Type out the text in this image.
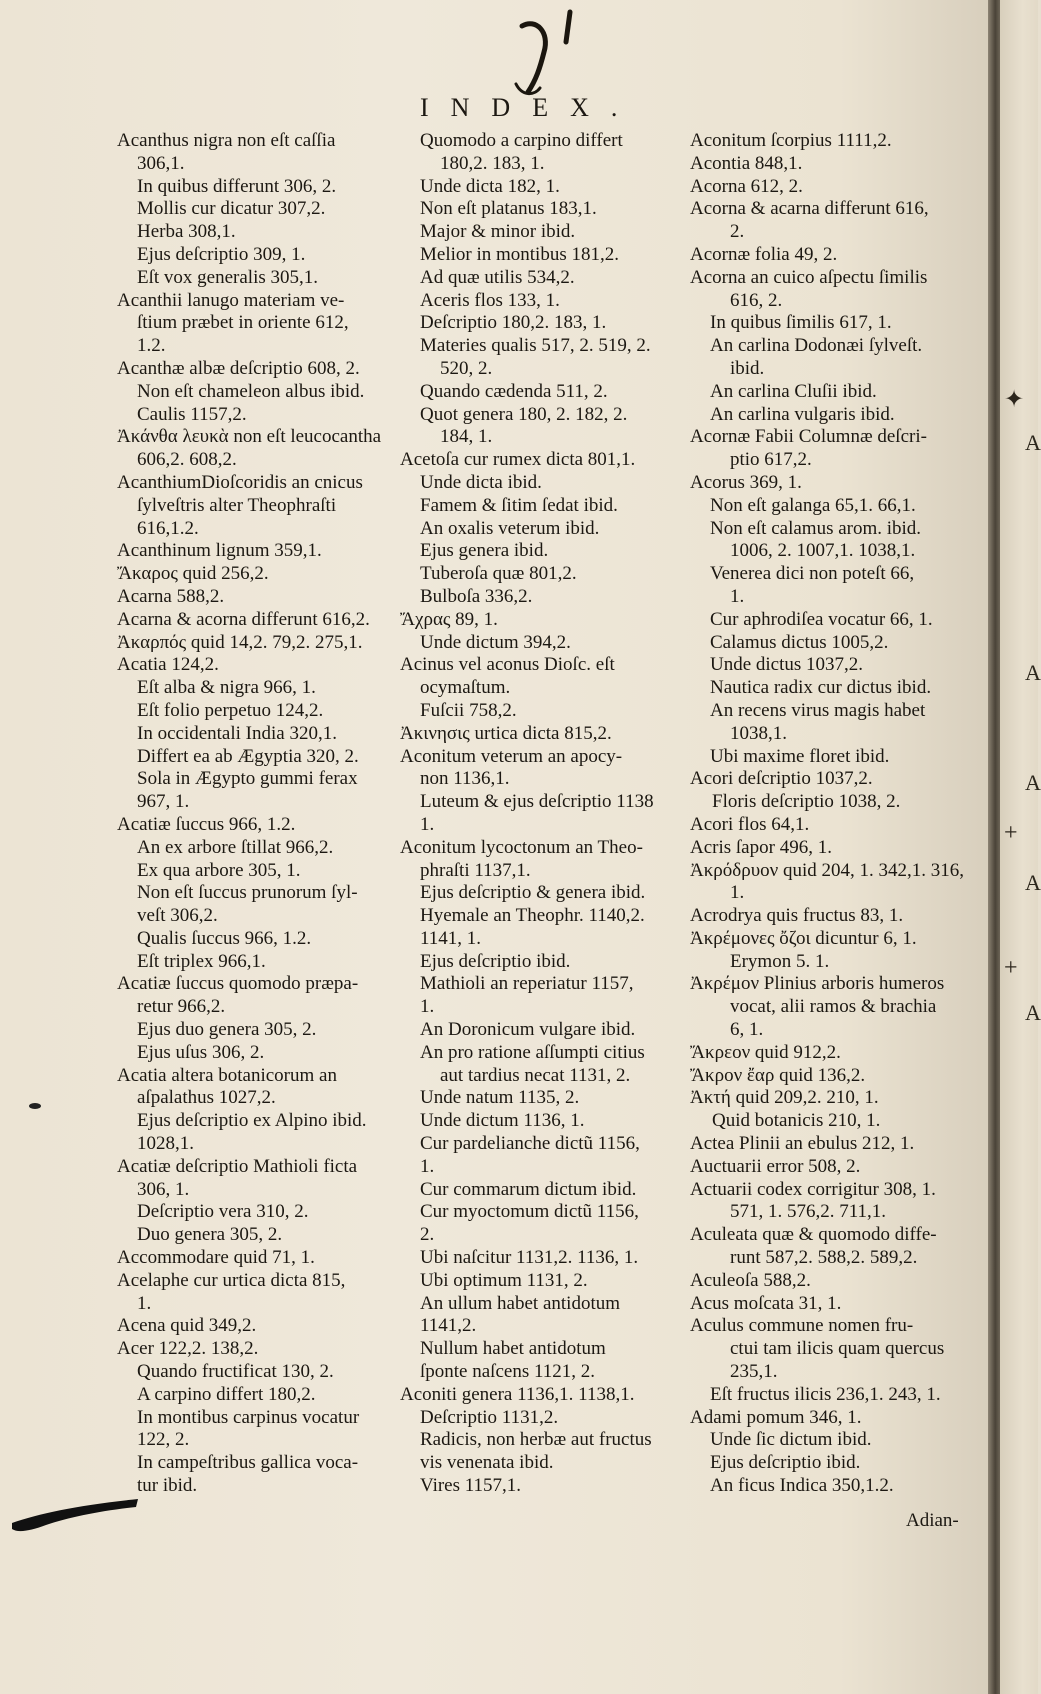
INDEX.
Acanthus nigra non eſt caſſia
306,1.
In quibus differunt 306, 2.
Mollis cur dicatur 307,2.
Herba 308,1.
Ejus deſcriptio 309, 1.
Eſt vox generalis 305,1.
Acanthii lanugo materiam ve-
ſtium præbet in oriente 612,
1.2.
Acanthæ albæ deſcriptio 608, 2.
Non eſt chameleon albus ibid.
Caulis 1157,2.
Ἀκάνθα λευκὰ non eſt leucocantha
606,2. 608,2.
AcanthiumDioſcoridis an cnicus
ſylveſtris alter Theophraſti
616,1.2.
Acanthinum lignum 359,1.
Ἄκαρος quid 256,2.
Acarna 588,2.
Acarna & acorna differunt 616,2.
Ἀκαρπός quid 14,2. 79,2. 275,1.
Acatia 124,2.
Eſt alba & nigra 966, 1.
Eſt folio perpetuo 124,2.
In occidentali India 320,1.
Differt ea ab Ægyptia 320, 2.
Sola in Ægypto gummi ferax
967, 1.
Acatiæ ſuccus 966, 1.2.
An ex arbore ſtillat 966,2.
Ex qua arbore 305, 1.
Non eſt ſuccus prunorum ſyl-
veſt 306,2.
Qualis ſuccus 966, 1.2.
Eſt triplex 966,1.
Acatiæ ſuccus quomodo præpa-
retur 966,2.
Ejus duo genera 305, 2.
Ejus uſus 306, 2.
Acatia altera botanicorum an
aſpalathus 1027,2.
Ejus deſcriptio ex Alpino ibid.
1028,1.
Acatiæ deſcriptio Mathioli ficta
306, 1.
Deſcriptio vera 310, 2.
Duo genera 305, 2.
Accommodare quid 71, 1.
Acelaphe cur urtica dicta 815,
1.
Acena quid 349,2.
Acer 122,2. 138,2.
Quando fructificat 130, 2.
A carpino differt 180,2.
In montibus carpinus vocatur
122, 2.
In campeſtribus gallica voca-
tur ibid.
Quomodo a carpino differt
180,2. 183, 1.
Unde dicta 182, 1.
Non eſt platanus 183,1.
Major & minor ibid.
Melior in montibus 181,2.
Ad quæ utilis 534,2.
Aceris flos 133, 1.
Deſcriptio 180,2. 183, 1.
Materies qualis 517, 2. 519, 2.
520, 2.
Quando cædenda 511, 2.
Quot genera 180, 2. 182, 2.
184, 1.
Acetoſa cur rumex dicta 801,1.
Unde dicta ibid.
Famem & ſitim ſedat ibid.
An oxalis veterum ibid.
Ejus genera ibid.
Tuberoſa quæ 801,2.
Bulboſa 336,2.
Ἄχρας 89, 1.
Unde dictum 394,2.
Acinus vel aconus Dioſc. eſt
ocymaſtum.
Fuſcii 758,2.
Ἀκινησις urtica dicta 815,2.
Aconitum veterum an apocy-
non 1136,1.
Luteum & ejus deſcriptio 1138
1.
Aconitum lycoctonum an Theo-
phraſti 1137,1.
Ejus deſcriptio & genera ibid.
Hyemale an Theophr. 1140,2.
1141, 1.
Ejus deſcriptio ibid.
Mathioli an reperiatur 1157,
1.
An Doronicum vulgare ibid.
An pro ratione aſſumpti citius
aut tardius necat 1131, 2.
Unde natum 1135, 2.
Unde dictum 1136, 1.
Cur pardelianche dictũ 1156,
1.
Cur commarum dictum ibid.
Cur myoctomum dictũ 1156,
2.
Ubi naſcitur 1131,2. 1136, 1.
Ubi optimum 1131, 2.
An ullum habet antidotum
1141,2.
Nullum habet antidotum
ſponte naſcens 1121, 2.
Aconiti genera 1136,1. 1138,1.
Deſcriptio 1131,2.
Radicis, non herbæ aut fructus
vis venenata ibid.
Vires 1157,1.
Aconitum ſcorpius 1111,2.
Acontia 848,1.
Acorna 612, 2.
Acorna & acarna differunt 616,
2.
Acornæ folia 49, 2.
Acorna an cuico aſpectu ſimilis
616, 2.
In quibus ſimilis 617, 1.
An carlina Dodonæi ſylveſt.
ibid.
An carlina Cluſii ibid.
An carlina vulgaris ibid.
Acornæ Fabii Columnæ deſcri-
ptio 617,2.
Acorus 369, 1.
Non eſt galanga 65,1. 66,1.
Non eſt calamus arom. ibid.
1006, 2. 1007,1. 1038,1.
Venerea dici non poteſt 66,
1.
Cur aphrodiſea vocatur 66, 1.
Calamus dictus 1005,2.
Unde dictus 1037,2.
Nautica radix cur dictus ibid.
An recens virus magis habet
1038,1.
Ubi maxime floret ibid.
Acori deſcriptio 1037,2.
Floris deſcriptio 1038, 2.
Acori flos 64,1.
Acris ſapor 496, 1.
Ἀκρόδρυον quid 204, 1. 342,1. 316,
1.
Acrodrya quis fructus 83, 1.
Ἀκρέμονες ὄζοι dicuntur 6, 1.
Erymon 5. 1.
Ἀκρέμον Plinius arboris humeros
vocat, alii ramos & brachia
6, 1.
Ἄκρεον quid 912,2.
Ἄκρον ἔαρ quid 136,2.
Ἀκτή quid 209,2. 210, 1.
Quid botanicis 210, 1.
Actea Plinii an ebulus 212, 1.
Auctuarii error 508, 2.
Actuarii codex corrigitur 308, 1.
571, 1. 576,2. 711,1.
Aculeata quæ & quomodo diffe-
runt 587,2. 588,2. 589,2.
Aculeoſa 588,2.
Acus moſcata 31, 1.
Aculus commune nomen fru-
ctui tam ilicis quam quercus
235,1.
Eſt fructus ilicis 236,1. 243, 1.
Adami pomum 346, 1.
Unde ſic dictum ibid.
Ejus deſcriptio ibid.
An ficus Indica 350,1.2.
Adian-
✦
A
A
A
+
A
+
A
